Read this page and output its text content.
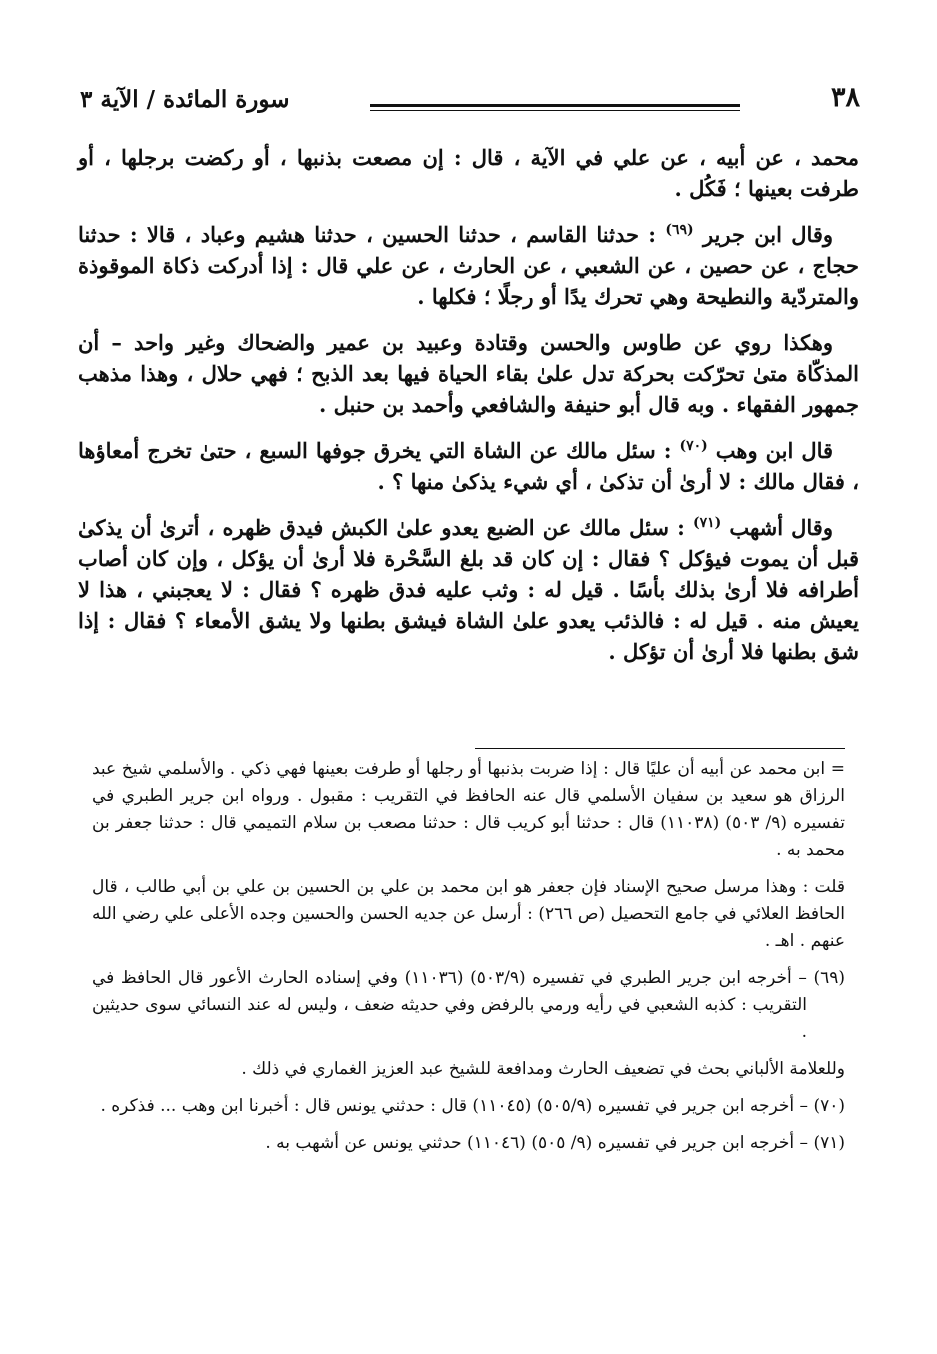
٣٨
سورة المائدة / الآية ٣

محمد ، عن أبيه ، عن علي في الآية ، قال : إن مصعت بذنبها ، أو ركضت برجلها ، أو طرفت بعينها ؛ فَكُل .

وقال ابن جرير $^{(٦٩)}$ : حدثنا القاسم ، حدثنا الحسين ، حدثنا هشيم وعباد ، قالا : حدثنا حجاج ، عن حصين ، عن الشعبي ، عن الحارث ، عن علي قال : إذا أدركت ذكاة الموقوذة والمتردّية والنطيحة وهي تحرك يدًا أو رجلًا ؛ فكلها .

وهكذا روي عن طاوس والحسن وقتادة وعبيد بن عمير والضحاك وغير واحد – أن المذكّاة متىٰ تحرّكت بحركة تدل علىٰ بقاء الحياة فيها بعد الذبح ؛ فهي حلال ، وهذا مذهب جمهور الفقهاء . وبه قال أبو حنيفة والشافعي وأحمد بن حنبل .

قال ابن وهب $^{(٧٠)}$ : سئل مالك عن الشاة التي يخرق جوفها السبع ، حتىٰ تخرج أمعاؤها ، فقال مالك : لا أرىٰ أن تذكىٰ ، أي شيء يذكىٰ منها ؟ .

وقال أشهب $^{(٧١)}$ : سئل مالك عن الضبع يعدو علىٰ الكبش فيدق ظهره ، أترىٰ أن يذكىٰ قبل أن يموت فيؤكل ؟ فقال : إن كان قد بلغ السَّحْرة فلا أرىٰ أن يؤكل ، وإن كان أصاب أطرافه فلا أرىٰ بذلك بأسًا . قيل له : وثب عليه فدق ظهره ؟ فقال : لا يعجبني ، هذا لا يعيش منه . قيل له : فالذئب يعدو علىٰ الشاة فيشق بطنها ولا يشق الأمعاء ؟ فقال : إذا شق بطنها فلا أرىٰ أن تؤكل .

= ابن محمد عن أبيه أن عليًا قال : إذا ضربت بذنبها أو رجلها أو طرفت بعينها فهي ذكي . والأسلمي شيخ عبد الرزاق هو سعيد بن سفيان الأسلمي قال عنه الحافظ في التقريب : مقبول . ورواه ابن جرير الطبري في تفسيره (٩/ ٥٠٣) (١١٠٣٨) قال : حدثنا أبو كريب قال : حدثنا مصعب بن سلام التميمي قال : حدثنا جعفر بن محمد به .

قلت : وهذا مرسل صحيح الإسناد فإن جعفر هو ابن محمد بن علي بن الحسين بن علي بن أبي طالب ، قال الحافظ العلائي في جامع التحصيل (ص ٢٦٦) : أرسل عن جديه الحسن والحسين وجده الأعلى علي رضي الله عنهم . اهـ .

(٦٩) – أخرجه ابن جرير الطبري في تفسيره (٥٠٣/٩) (١١٠٣٦) وفي إسناده الحارث الأعور قال الحافظ في التقريب : كذبه الشعبي في رأيه ورمي بالرفض وفي حديثه ضعف ، وليس له عند النسائي سوى حديثين .

وللعلامة الألباني بحث في تضعيف الحارث ومدافعة للشيخ عبد العزيز الغماري في ذلك .

(٧٠) – أخرجه ابن جرير في تفسيره (٥٠٥/٩) (١١٠٤٥) قال : حدثني يونس قال : أخبرنا ابن وهب ... فذكره .

(٧١) – أخرجه ابن جرير في تفسيره (٩/ ٥٠٥) (١١٠٤٦) حدثني يونس عن أشهب به .
